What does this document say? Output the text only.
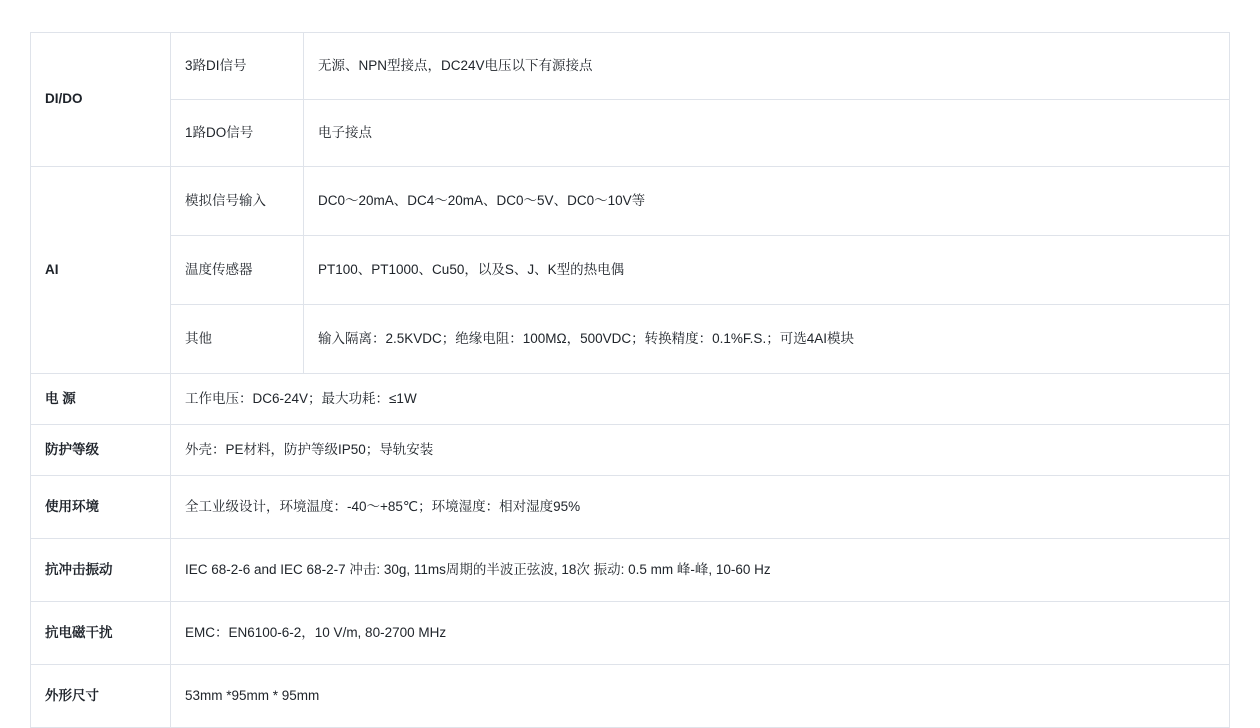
DI/DO	3路DI信号	无源、NPN型接点，DC24V电压以下有源接点
	1路DO信号	电子接点
AI	模拟信号输入	DC0～20mA、DC4～20mA、DC0～5V、DC0～10V等
	温度传感器	PT100、PT1000、Cu50，以及S、J、K型的热电偶
	其他	输入隔离：2.5KVDC；绝缘电阻：100MΩ，500VDC；转换精度：0.1%F.S.；可选4AI模块
电 源	工作电压：DC6-24V；最大功耗：≤1W	
防护等级	外壳：PE材料，防护等级IP50；导轨安装	
使用环境	全工业级设计，环境温度：-40～+85℃；环境湿度：相对湿度95%	
抗冲击振动	IEC 68-2-6 and IEC 68-2-7 冲击: 30g, 11ms周期的半波正弦波, 18次 振动: 0.5 mm 峰-峰, 10-60 Hz	
抗电磁干扰	EMC：EN6100-6-2，10 V/m, 80-2700 MHz	
外形尺寸	53mm *95mm * 95mm	
